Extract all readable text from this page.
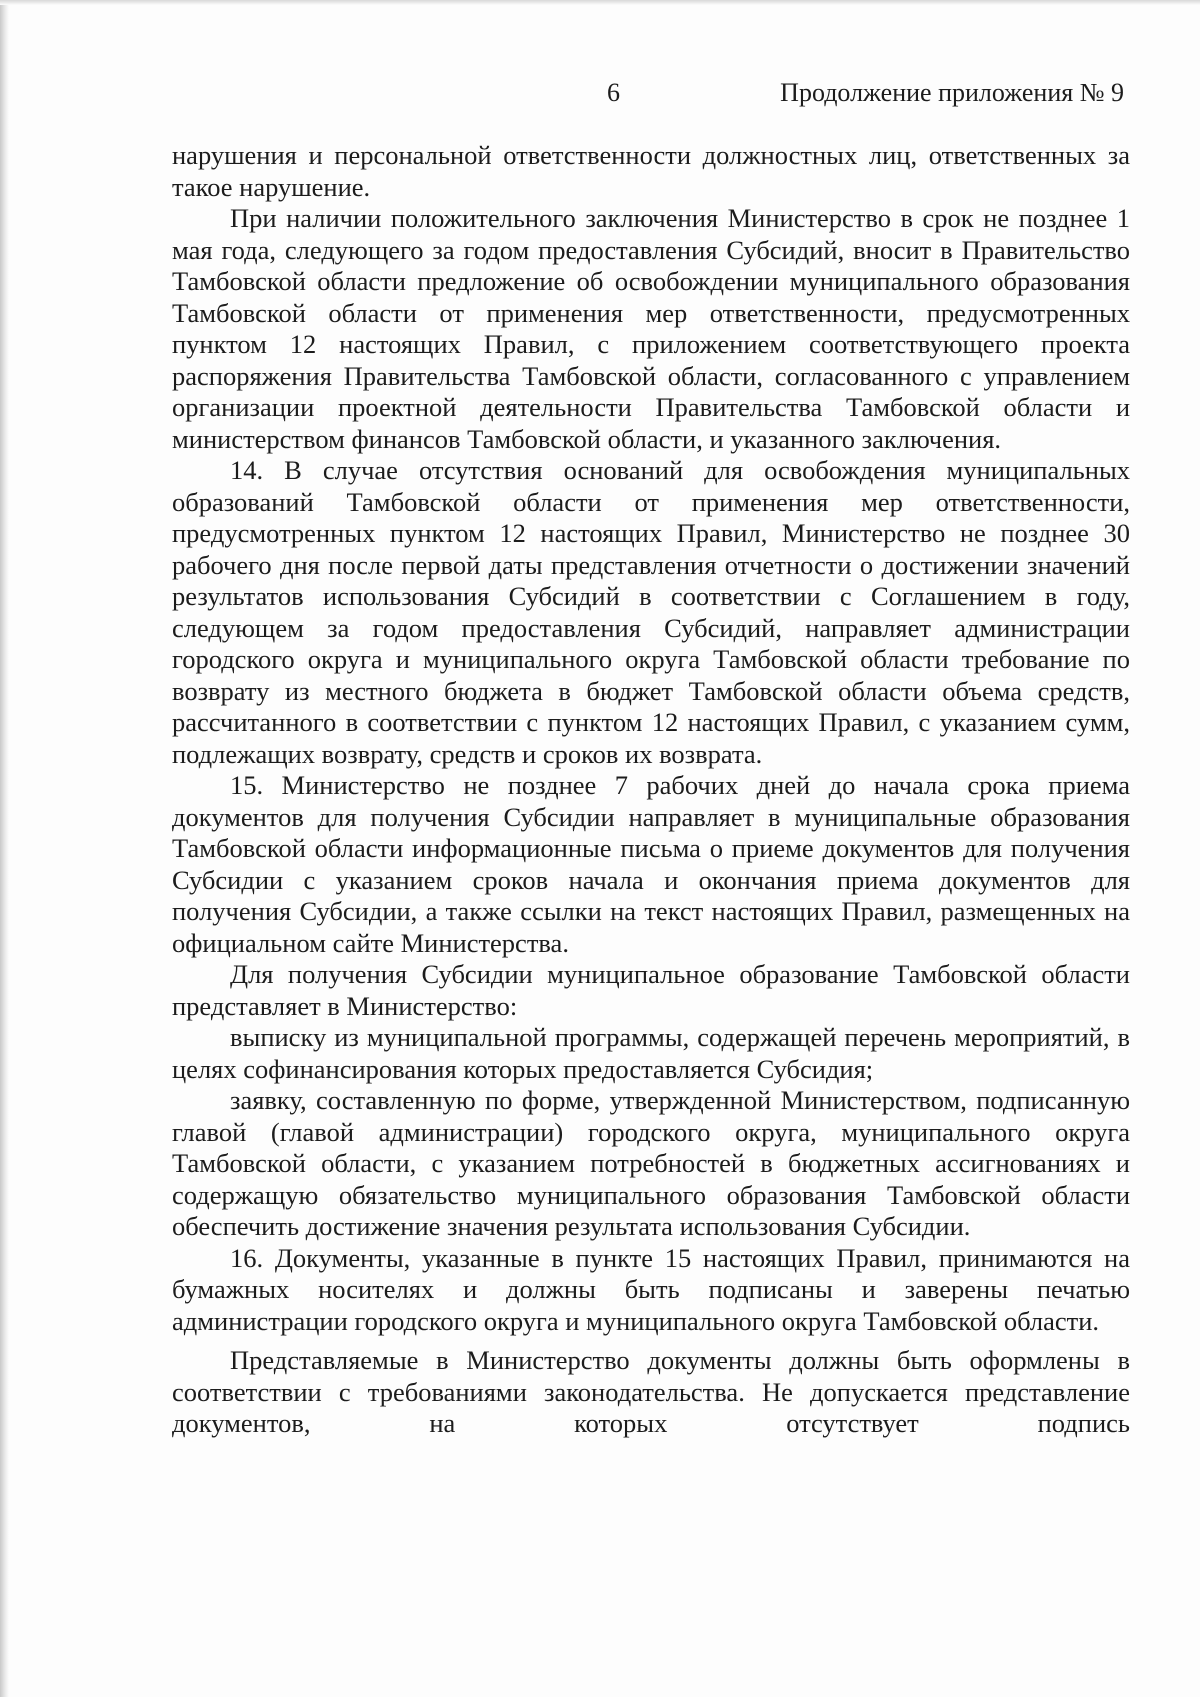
6	Продолжение приложения № 9

нарушения и персональной ответственности должностных лиц, ответственных за такое нарушение.

При наличии положительного заключения Министерство в срок не позднее 1 мая года, следующего за годом предоставления Субсидий, вносит в Правительство Тамбовской области предложение об освобождении муниципального образования Тамбовской области от применения мер ответственности, предусмотренных пунктом 12 настоящих Правил, с приложением соответствующего проекта распоряжения Правительства Тамбовской области, согласованного с управлением организации проектной деятельности Правительства Тамбовской области и министерством финансов Тамбовской области, и указанного заключения.

14. В случае отсутствия оснований для освобождения муниципальных образований Тамбовской области от применения мер ответственности, предусмотренных пунктом 12 настоящих Правил, Министерство не позднее 30 рабочего дня после первой даты представления отчетности о достижении значений результатов использования Субсидий в соответствии с Соглашением в году, следующем за годом предоставления Субсидий, направляет администрации городского округа и муниципального округа Тамбовской области требование по возврату из местного бюджета в бюджет Тамбовской области объема средств, рассчитанного в соответствии с пунктом 12 настоящих Правил, с указанием сумм, подлежащих возврату, средств и сроков их возврата.

15. Министерство не позднее 7 рабочих дней до начала срока приема документов для получения Субсидии направляет в муниципальные образования Тамбовской области информационные письма о приеме документов для получения Субсидии с указанием сроков начала и окончания приема документов для получения Субсидии, а также ссылки на текст настоящих Правил, размещенных на официальном сайте Министерства.

Для получения Субсидии муниципальное образование Тамбовской области представляет в Министерство:

выписку из муниципальной программы, содержащей перечень мероприятий, в целях софинансирования которых предоставляется Субсидия;

заявку, составленную по форме, утвержденной Министерством, подписанную главой (главой администрации) городского округа, муниципального округа Тамбовской области, с указанием потребностей в бюджетных ассигнованиях и содержащую обязательство муниципального образования Тамбовской области обеспечить достижение значения результата использования Субсидии.

16. Документы, указанные в пункте 15 настоящих Правил, принимаются на бумажных носителях и должны быть подписаны и заверены печатью администрации городского округа и муниципального округа Тамбовской области.

Представляемые в Министерство документы должны быть оформлены в соответствии с требованиями законодательства. Не допускается представление документов, на которых отсутствует подпись
